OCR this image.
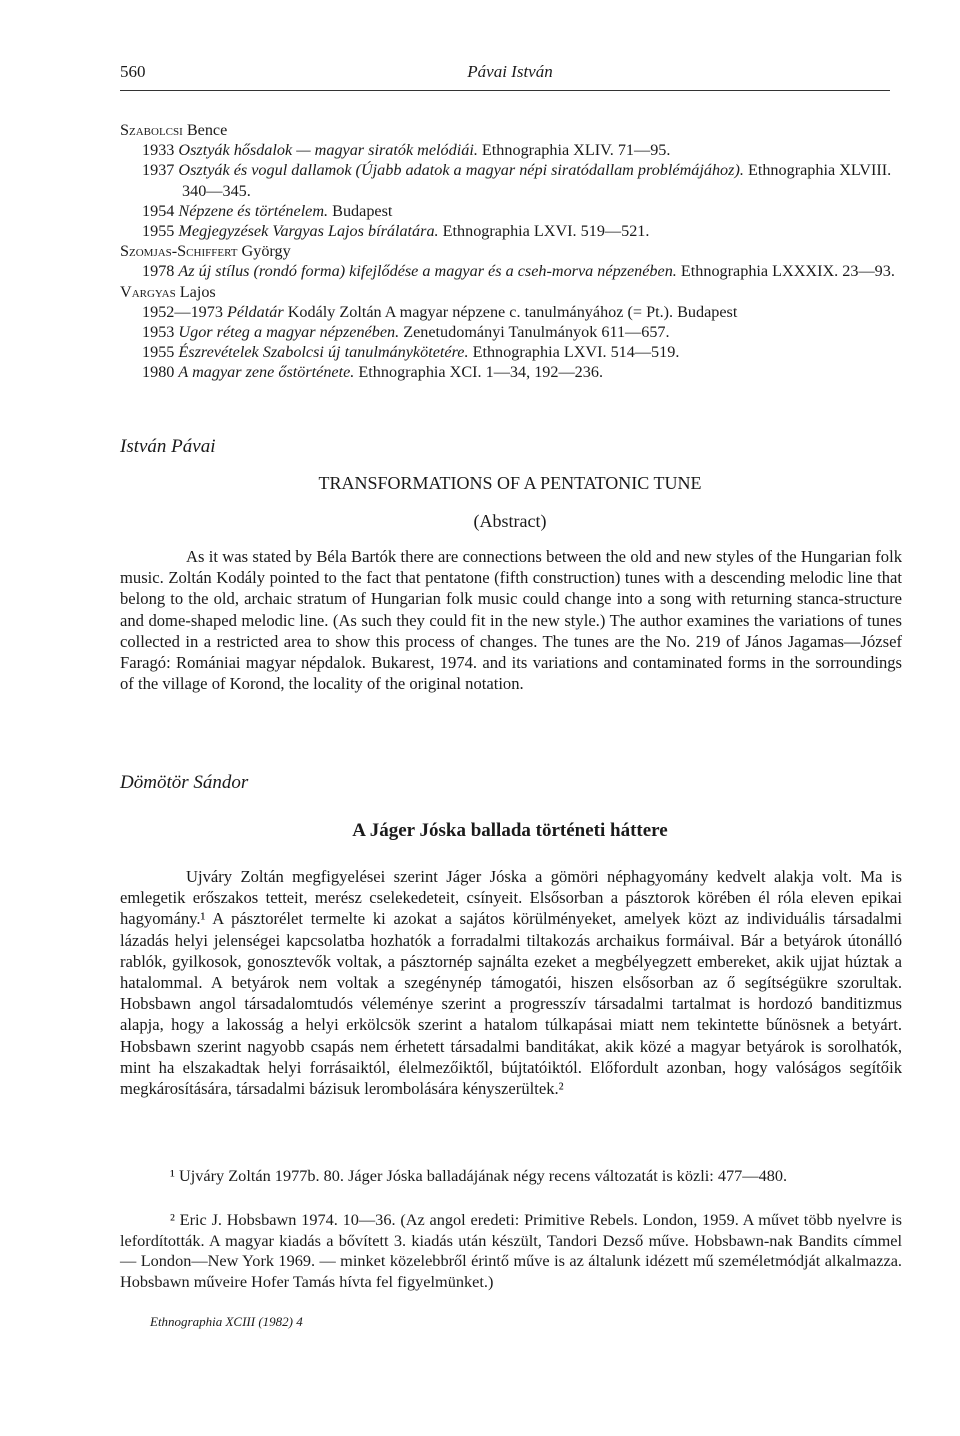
560	Pávai István

Szabolcsi Bence

1933 Osztyák hősdalok — magyar siratók melódiái. Ethnographia XLIV. 71—95.

1937 Osztyák és vogul dallamok (Újabb adatok a magyar népi siratódallam problémájához). Ethnographia XLVIII. 340—345.

1954 Népzene és történelem. Budapest

1955 Megjegyzések Vargyas Lajos bírálatára. Ethnographia LXVI. 519—521.

Szomjas-Schiffert György

1978 Az új stílus (rondó forma) kifejlődése a magyar és a cseh-morva népzenében. Ethnographia LXXXIX. 23—93.

Vargyas Lajos

1952—1973 Példatár Kodály Zoltán A magyar népzene c. tanulmányához (= Pt.). Budapest

1953 Ugor réteg a magyar népzenében. Zenetudományi Tanulmányok 611—657.

1955 Észrevételek Szabolcsi új tanulmánykötetére. Ethnographia LXVI. 514—519.

1980 A magyar zene őstörténete. Ethnographia XCI. 1—34, 192—236.

István Pávai
TRANSFORMATIONS OF A PENTATONIC TUNE
(Abstract)

As it was stated by Béla Bartók there are connections between the old and new styles of the Hungarian folk music. Zoltán Kodály pointed to the fact that pentatone (fifth construction) tunes with a descending melodic line that belong to the old, archaic stratum of Hungarian folk music could change into a song with returning stanca-structure and dome-shaped melodic line. (As such they could fit in the new style.) The author examines the variations of tunes collected in a restricted area to show this process of changes. The tunes are the No. 219 of János Jagamas—József Faragó: Romániai magyar népdalok. Bukarest, 1974. and its variations and contaminated forms in the sorroundings of the village of Korond, the locality of the original notation.

Dömötör Sándor
A Jáger Jóska ballada történeti háttere

Ujváry Zoltán megfigyelései szerint Jáger Jóska a gömöri néphagyomány kedvelt alakja volt. Ma is emlegetik erőszakos tetteit, merész cselekedeteit, csínyeit. Elsősorban a pásztorok körében él róla eleven epikai hagyomány.¹ A pásztorélet termelte ki azokat a sajátos körülményeket, amelyek közt az individuális társadalmi lázadás helyi jelenségei kapcsolatba hozhatók a forradalmi tiltakozás archaikus formáival. Bár a betyárok útonálló rablók, gyilkosok, gonosztevők voltak, a pásztornép sajnálta ezeket a megbélyegzett embereket, akik ujjat húztak a hatalommal. A betyárok nem voltak a szegénynép támogatói, hiszen elsősorban az ő segítségükre szorultak. Hobsbawn angol társadalomtudós véleménye szerint a progresszív társadalmi tartalmat is hordozó banditizmus alapja, hogy a lakosság a helyi erkölcsök szerint a hatalom túlkapásai miatt nem tekintette bűnösnek a betyárt. Hobsbawn szerint nagyobb csapás nem érhetett társadalmi banditákat, akik közé a magyar betyárok is sorolhatók, mint ha elszakadtak helyi forrásaiktól, élelmezőiktől, bújtatóiktól. Előfordult azonban, hogy valóságos segítőik megkárosítására, társadalmi bázisuk lerombolására kényszerültek.²

¹ Ujváry Zoltán 1977b. 80. Jáger Jóska balladájának négy recens változatát is közli: 477—480.

² Eric J. Hobsbawn 1974. 10—36. (Az angol eredeti: Primitive Rebels. London, 1959. A művet több nyelvre is lefordították. A magyar kiadás a bővített 3. kiadás után készült, Tandori Dezső műve. Hobsbawn-nak Bandits címmel — London—New York 1969. — minket közelebbről érintő műve is az általunk idézett mű személetmódját alkalmazza. Hobsbawn műveire Hofer Tamás hívta fel figyelmünket.)

Ethnographia XCIII (1982) 4
